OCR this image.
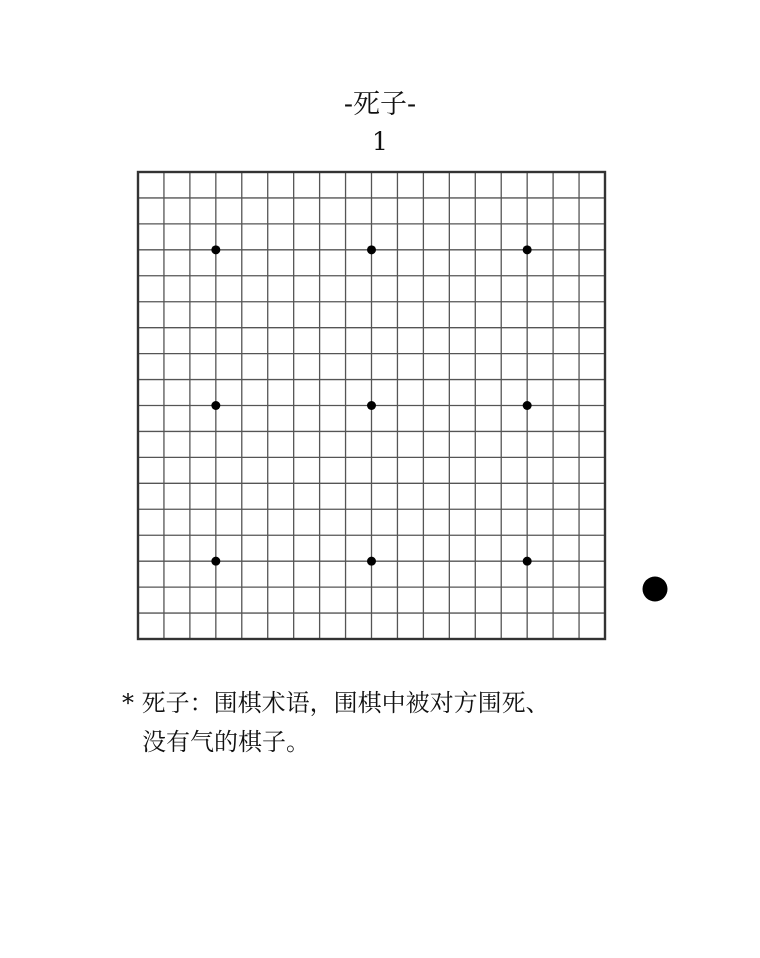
-死子-
1
* 死子：围棋术语，围棋中被对方围死、
没有气的棋子。
